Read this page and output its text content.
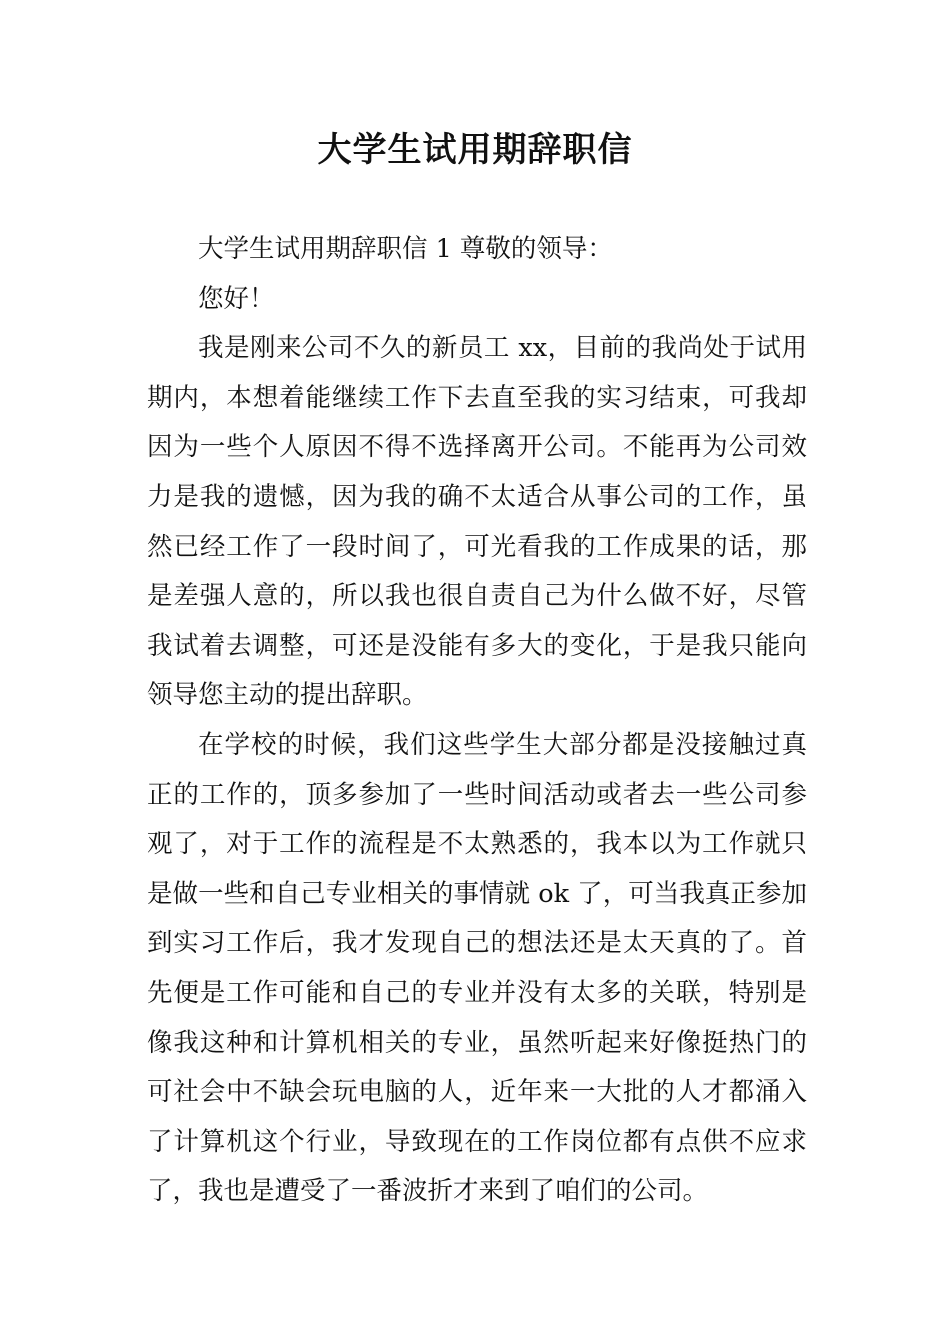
大学生试用期辞职信

大学生试用期辞职信 1 尊敬的领导：

您好！

我是刚来公司不久的新员工 xx，目前的我尚处于试用期内，本想着能继续工作下去直至我的实习结束，可我却因为一些个人原因不得不选择离开公司。不能再为公司效力是我的遗憾，因为我的确不太适合从事公司的工作，虽然已经工作了一段时间了，可光看我的工作成果的话，那是差强人意的，所以我也很自责自己为什么做不好，尽管我试着去调整，可还是没能有多大的变化，于是我只能向领导您主动的提出辞职。

在学校的时候，我们这些学生大部分都是没接触过真正的工作的，顶多参加了一些时间活动或者去一些公司参观了，对于工作的流程是不太熟悉的，我本以为工作就只是做一些和自己专业相关的事情就 ok 了，可当我真正参加到实习工作后，我才发现自己的想法还是太天真的了。首先便是工作可能和自己的专业并没有太多的关联，特别是像我这种和计算机相关的专业，虽然听起来好像挺热门的可社会中不缺会玩电脑的人，近年来一大批的人才都涌入了计算机这个行业，导致现在的工作岗位都有点供不应求了，我也是遭受了一番波折才来到了咱们的公司。
